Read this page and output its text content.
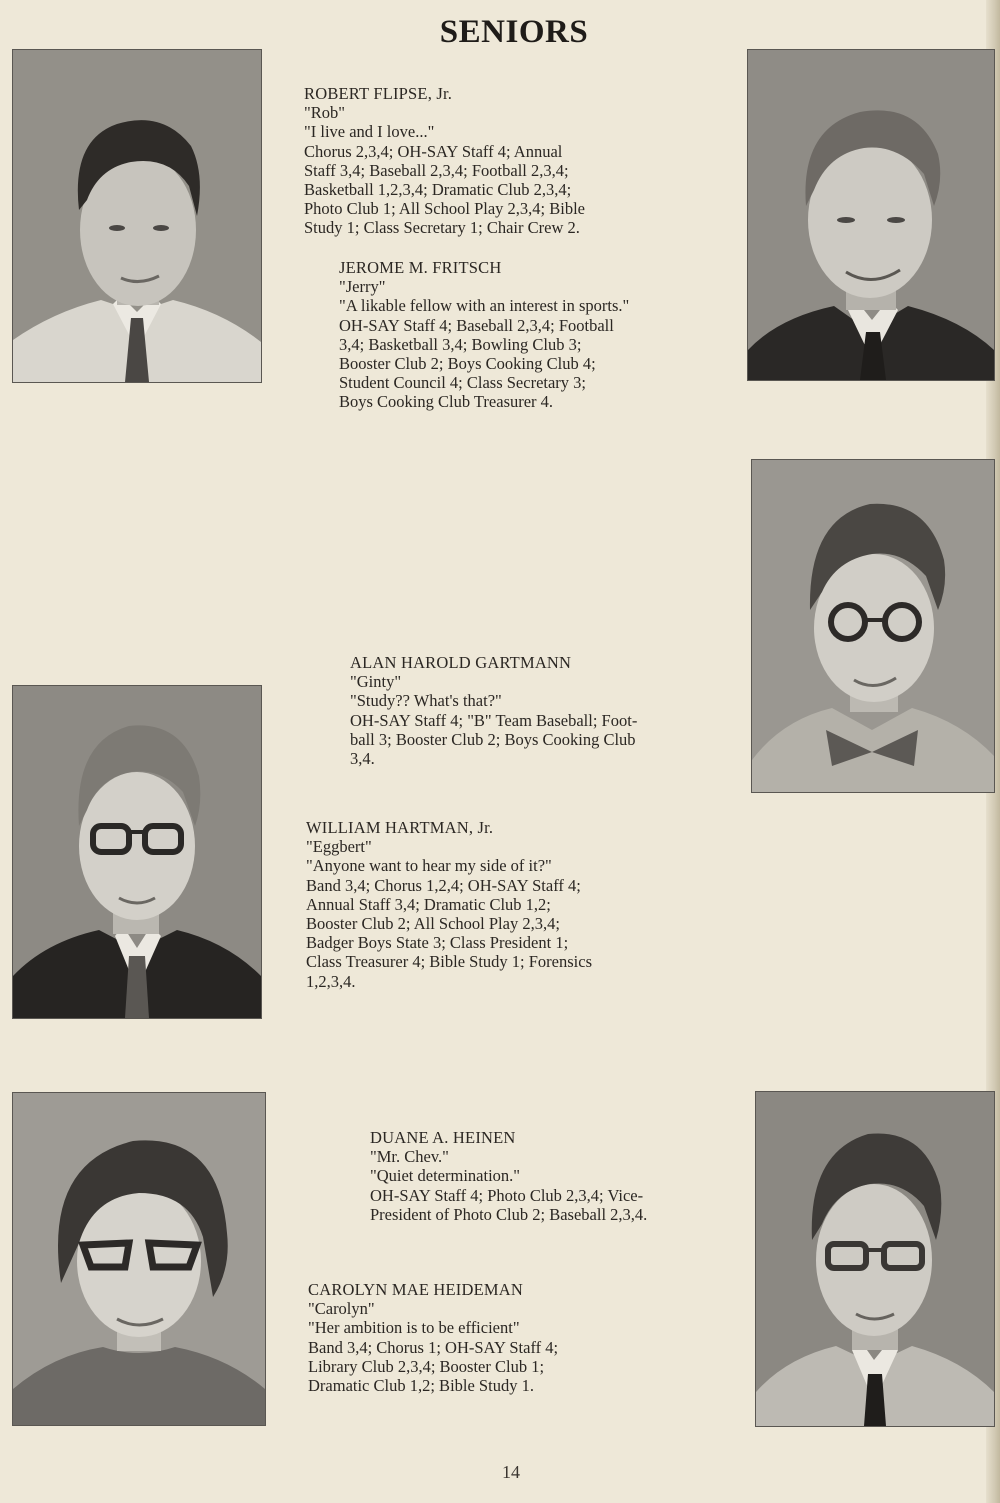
SENIORS
ROBERT FLIPSE, Jr.
"Rob"
"I live and I love..."
Chorus 2,3,4; OH-SAY Staff 4; Annual
Staff 3,4; Baseball 2,3,4; Football 2,3,4;
Basketball 1,2,3,4; Dramatic Club 2,3,4;
Photo Club 1; All School Play 2,3,4; Bible
Study 1; Class Secretary 1; Chair Crew 2.
JEROME M. FRITSCH
"Jerry"
"A likable fellow with an interest in sports."
OH-SAY Staff 4; Baseball 2,3,4; Football
3,4; Basketball 3,4; Bowling Club 3;
Booster Club 2; Boys Cooking Club 4;
Student Council 4; Class Secretary 3;
Boys Cooking Club Treasurer 4.
ALAN HAROLD GARTMANN
"Ginty"
"Study?? What's that?"
OH-SAY Staff 4; "B" Team Baseball; Foot-
ball 3; Booster Club 2; Boys Cooking Club
3,4.
WILLIAM HARTMAN, Jr.
"Eggbert"
"Anyone want to hear my side of it?"
Band 3,4; Chorus 1,2,4; OH-SAY Staff 4;
Annual Staff 3,4; Dramatic Club 1,2;
Booster Club 2; All School Play 2,3,4;
Badger Boys State 3; Class President 1;
Class Treasurer 4; Bible Study 1; Forensics
1,2,3,4.
DUANE A. HEINEN
"Mr. Chev."
"Quiet determination."
OH-SAY Staff 4; Photo Club 2,3,4; Vice-
President of Photo Club 2; Baseball 2,3,4.
CAROLYN MAE HEIDEMAN
"Carolyn"
"Her ambition is to be efficient"
Band 3,4; Chorus 1; OH-SAY Staff 4;
Library Club 2,3,4; Booster Club 1;
Dramatic Club 1,2; Bible Study 1.
14
